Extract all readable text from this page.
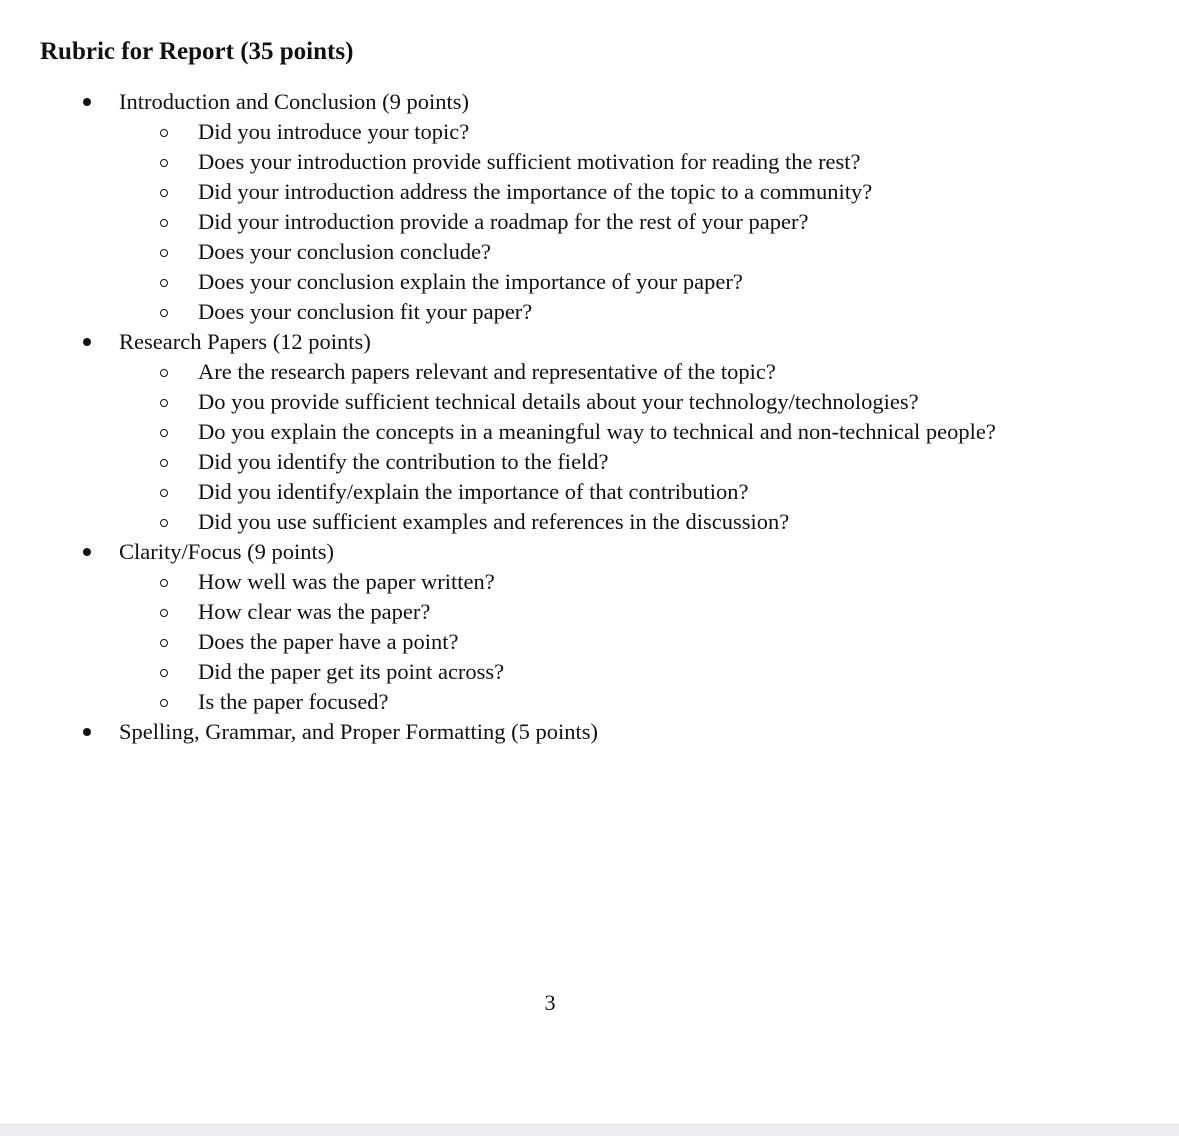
Rubric for Report (35 points)
Introduction and Conclusion (9 points)
Did you introduce your topic?
Does your introduction provide sufficient motivation for reading the rest?
Did your introduction address the importance of the topic to a community?
Did your introduction provide a roadmap for the rest of your paper?
Does your conclusion conclude?
Does your conclusion explain the importance of your paper?
Does your conclusion fit your paper?
Research Papers (12 points)
Are the research papers relevant and representative of the topic?
Do you provide sufficient technical details about your technology/technologies?
Do you explain the concepts in a meaningful way to technical and non-technical people?
Did you identify the contribution to the field?
Did you identify/explain the importance of that contribution?
Did you use sufficient examples and references in the discussion?
Clarity/Focus (9 points)
How well was the paper written?
How clear was the paper?
Does the paper have a point?
Did the paper get its point across?
Is the paper focused?
Spelling, Grammar, and Proper Formatting (5 points)
3
